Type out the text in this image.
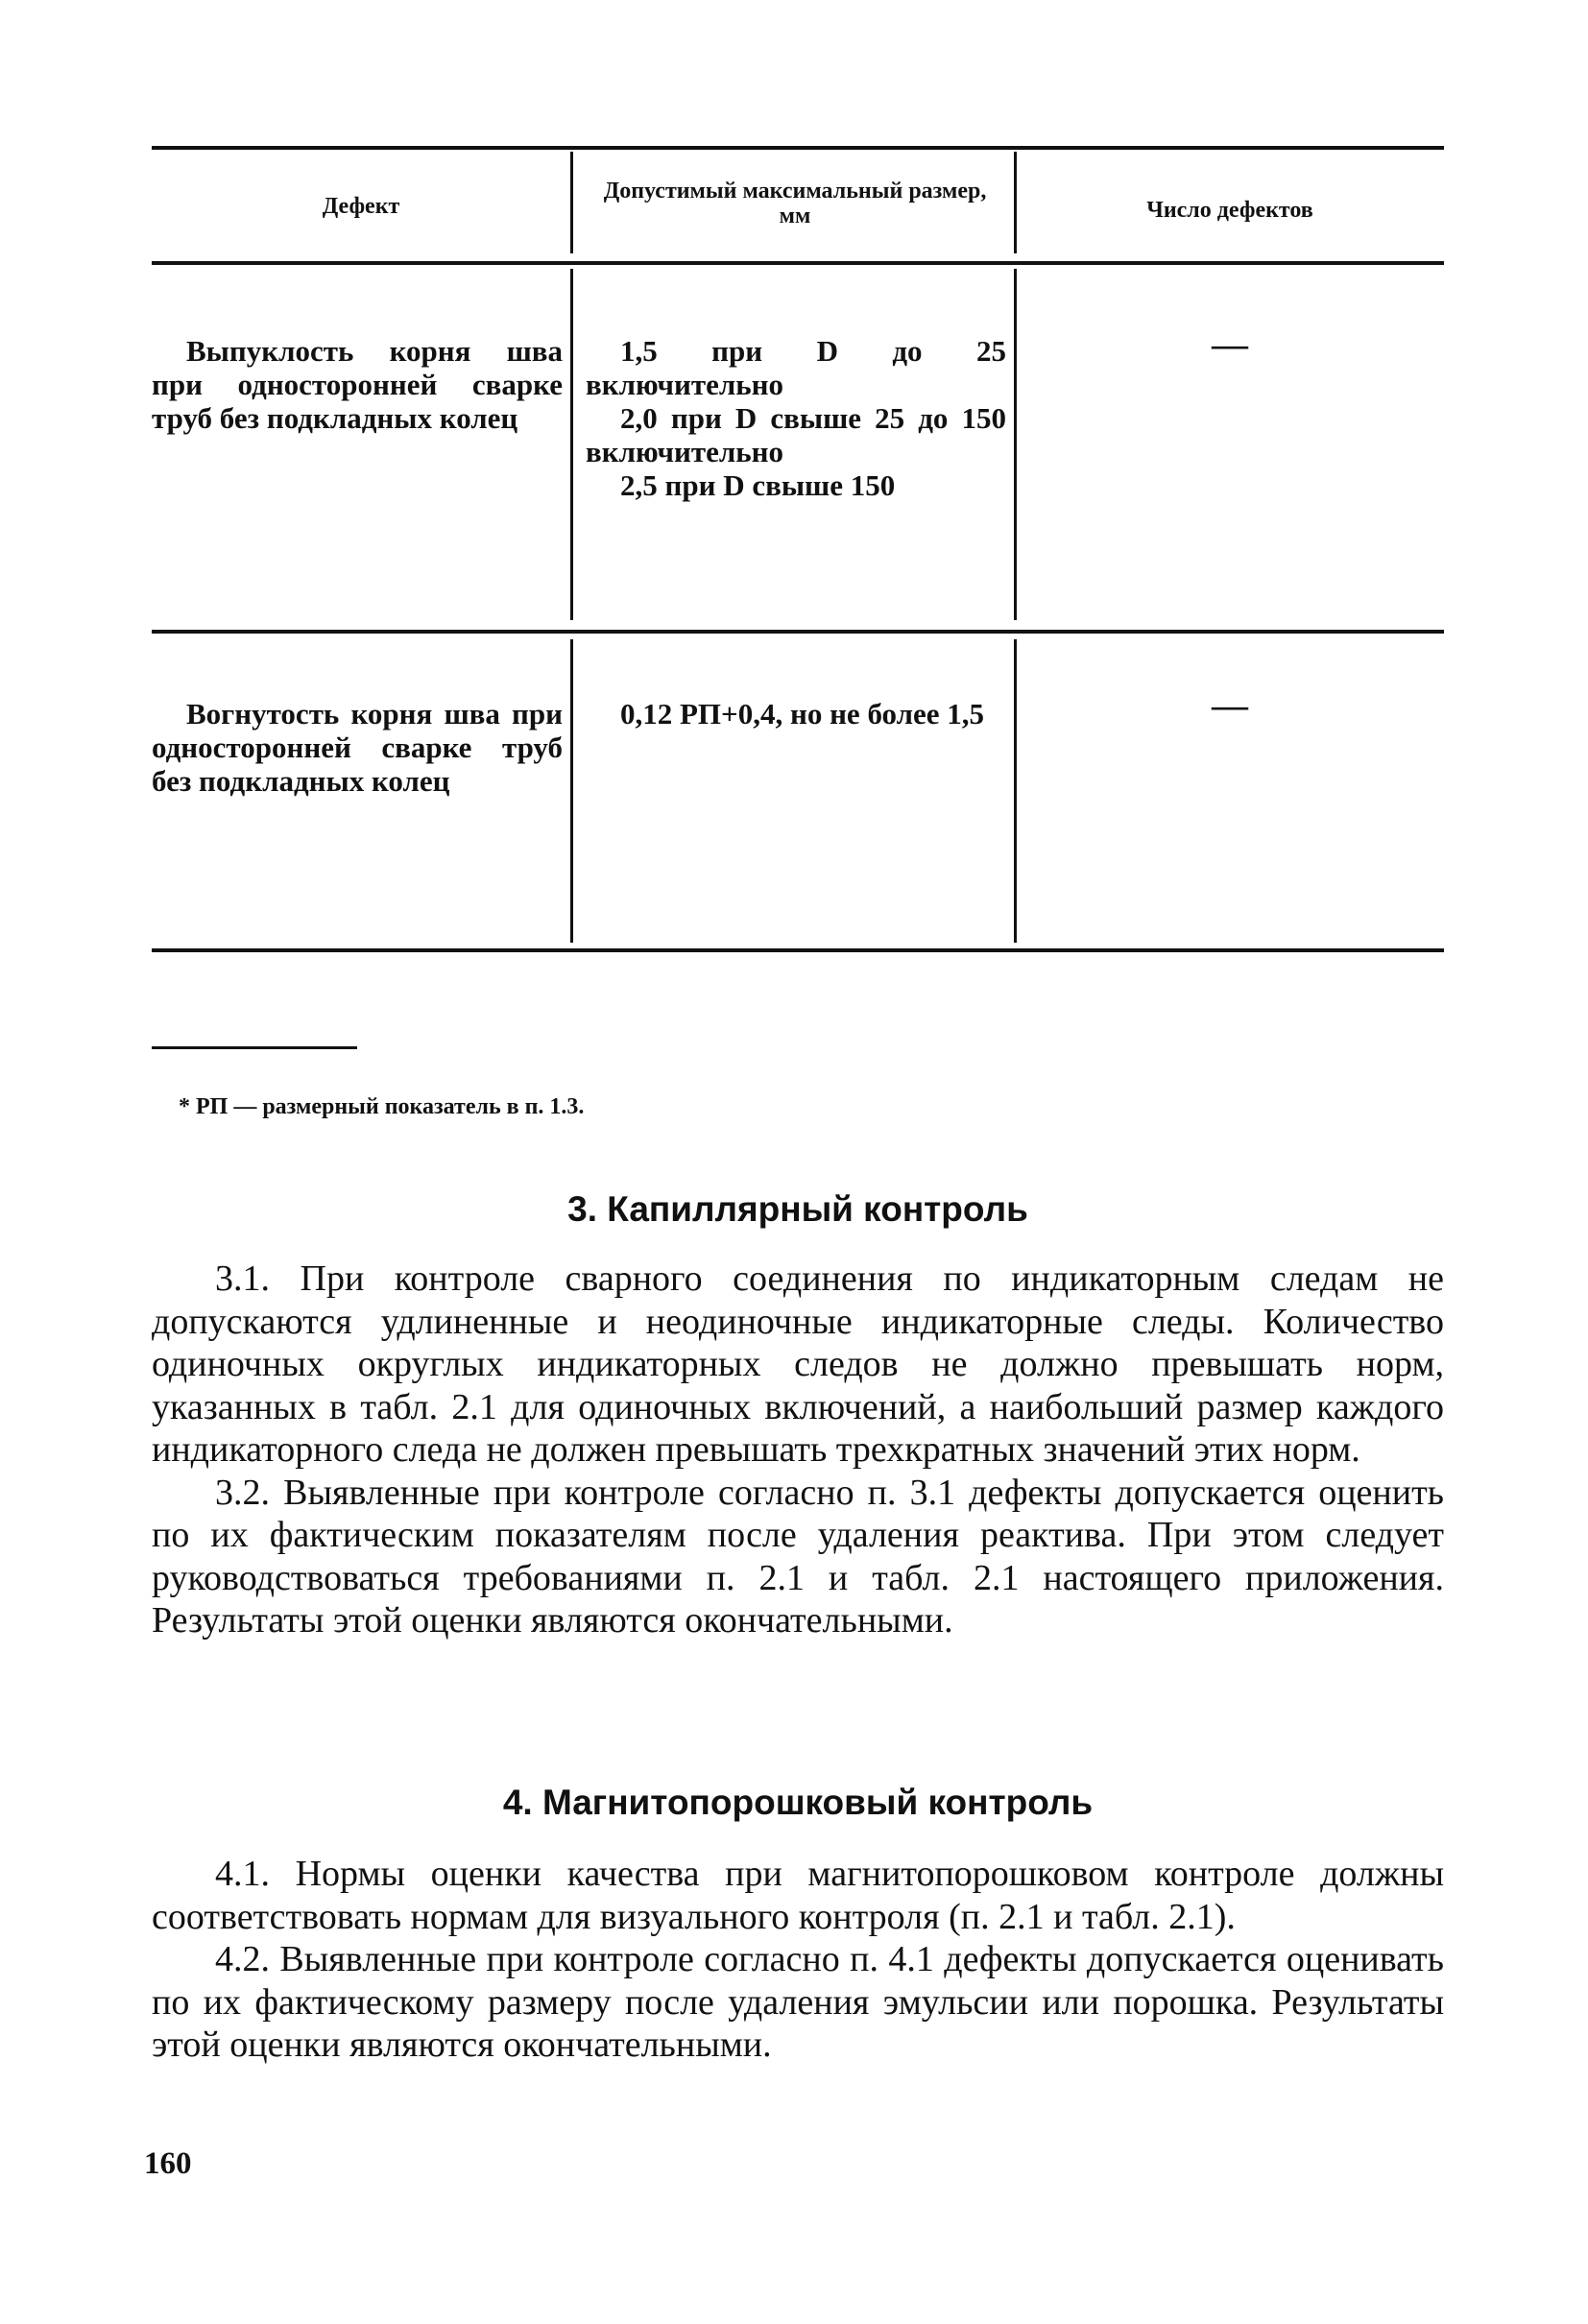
Дефект
Допустимый максимальный размер, мм	Число дефектов

Выпуклость корня шва при односторонней сварке труб без подкладных колец

1,5 при D до 25 включительно

2,0 при D свыше 25 до 150 включительно

2,5 при D свыше 150

—

Вогнутость корня шва при односторонней сварке труб без подкладных колец

0,12 РП+0,4, но не более 1,5	—
* РП — размерный показатель в п. 1.3.
3. Капиллярный контроль

3.1. При контроле сварного соединения по индикаторным следам не допускаются удлиненные и неодиночные индикаторные следы. Количество одиночных округлых индикаторных следов не должно превышать норм, указанных в табл. 2.1 для одиночных включений, а наибольший размер каждого индикаторного следа не должен превышать трехкратных значений этих норм.

3.2. Выявленные при контроле согласно п. 3.1 дефекты допускается оценить по их фактическим показателям после удаления реактива. При этом следует руководствоваться требованиями п. 2.1 и табл. 2.1 настоящего приложения. Результаты этой оценки являются окончательными.

4. Магнитопорошковый контроль

4.1. Нормы оценки качества при магнитопорошковом контроле должны соответствовать нормам для визуального контроля (п. 2.1 и табл. 2.1).

4.2. Выявленные при контроле согласно п. 4.1 дефекты допускается оценивать по их фактическому размеру после удаления эмульсии или порошка. Результаты этой оценки являются окончательными.

160
